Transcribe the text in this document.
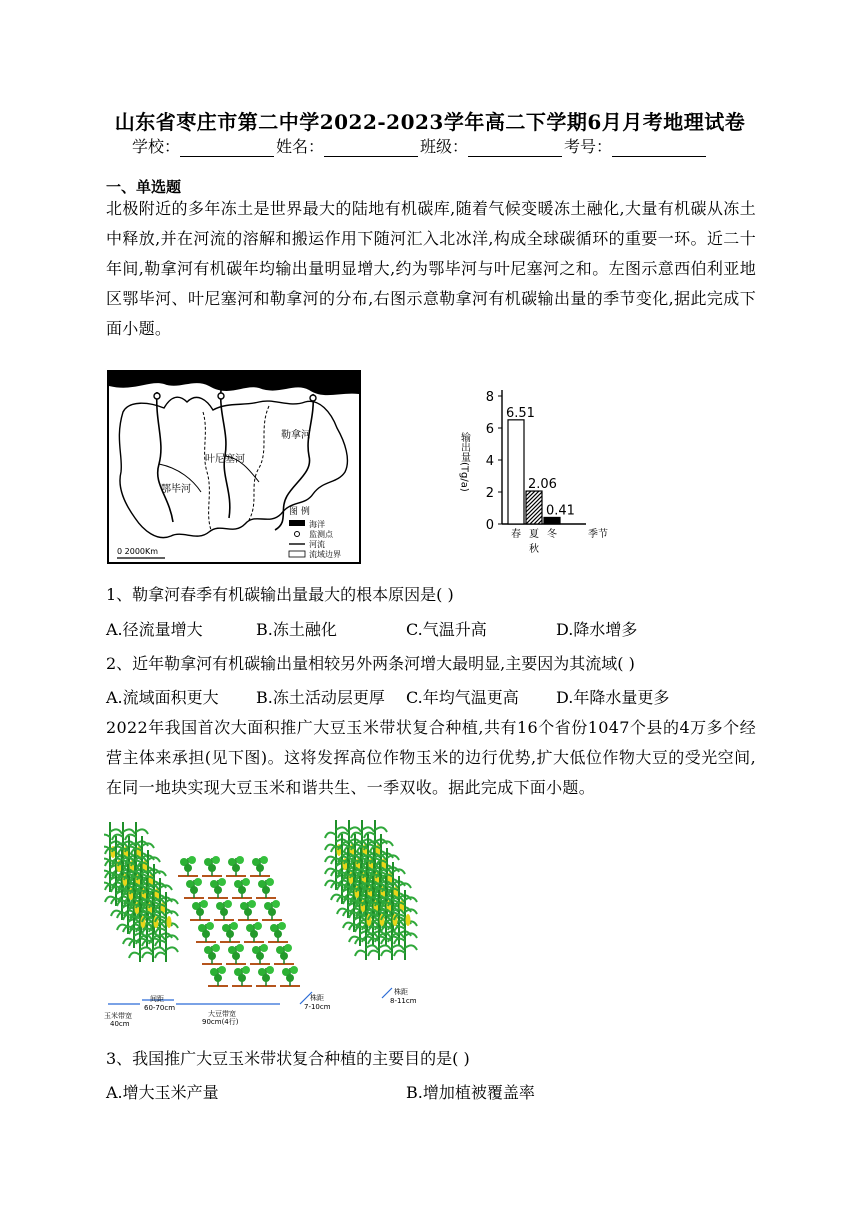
山东省枣庄市第二中学2022-2023学年高二下学期6月月考地理试卷
学校：	姓名：	班级：	考号：
一、单选题
北极附近的多年冻土是世界最大的陆地有机碳库,随着气候变暖冻土融化,大量有机碳从冻土中释放,并在河流的溶解和搬运作用下随河汇入北冰洋,构成全球碳循环的重要一环。近二十年间,勒拿河有机碳年均输出量明显增大,约为鄂毕河与叶尼塞河之和。左图示意西伯利亚地区鄂毕河、叶尼塞河和勒拿河的分布,右图示意勒拿河有机碳输出量的季节变化,据此完成下面小题。
勒拿河
叶尼塞河
鄂毕河
图 例
海洋
监测点
河流
流域边界
0 2000Km
0
2
4
6
8
输出量(Tg/a)
6.51
春
2.06
夏
0.41
冬
秋
季节
1、勒拿河春季有机碳输出量最大的根本原因是( )
A.径流量增大	B.冻土融化	C.气温升高	D.降水增多
2、近年勒拿河有机碳输出量相较另外两条河增大最明显,主要因为其流域( )
A.流域面积更大	B.冻土活动层更厚	C.年均气温更高	D.年降水量更多
2022年我国首次大面积推广大豆玉米带状复合种植,共有16个省份1047个县的4万多个经营主体来承担(见下图)。这将发挥高位作物玉米的边行优势,扩大低位作物大豆的受光空间,在同一地块实现大豆玉米和谐共生、一季双收。据此完成下面小题。
玉米带宽
40cm
间距
60-70cm
大豆带宽
90cm(4行)
株距
7-10cm
株距
8-11cm
3、我国推广大豆玉米带状复合种植的主要目的是( )
A.增大玉米产量	B.增加植被覆盖率
